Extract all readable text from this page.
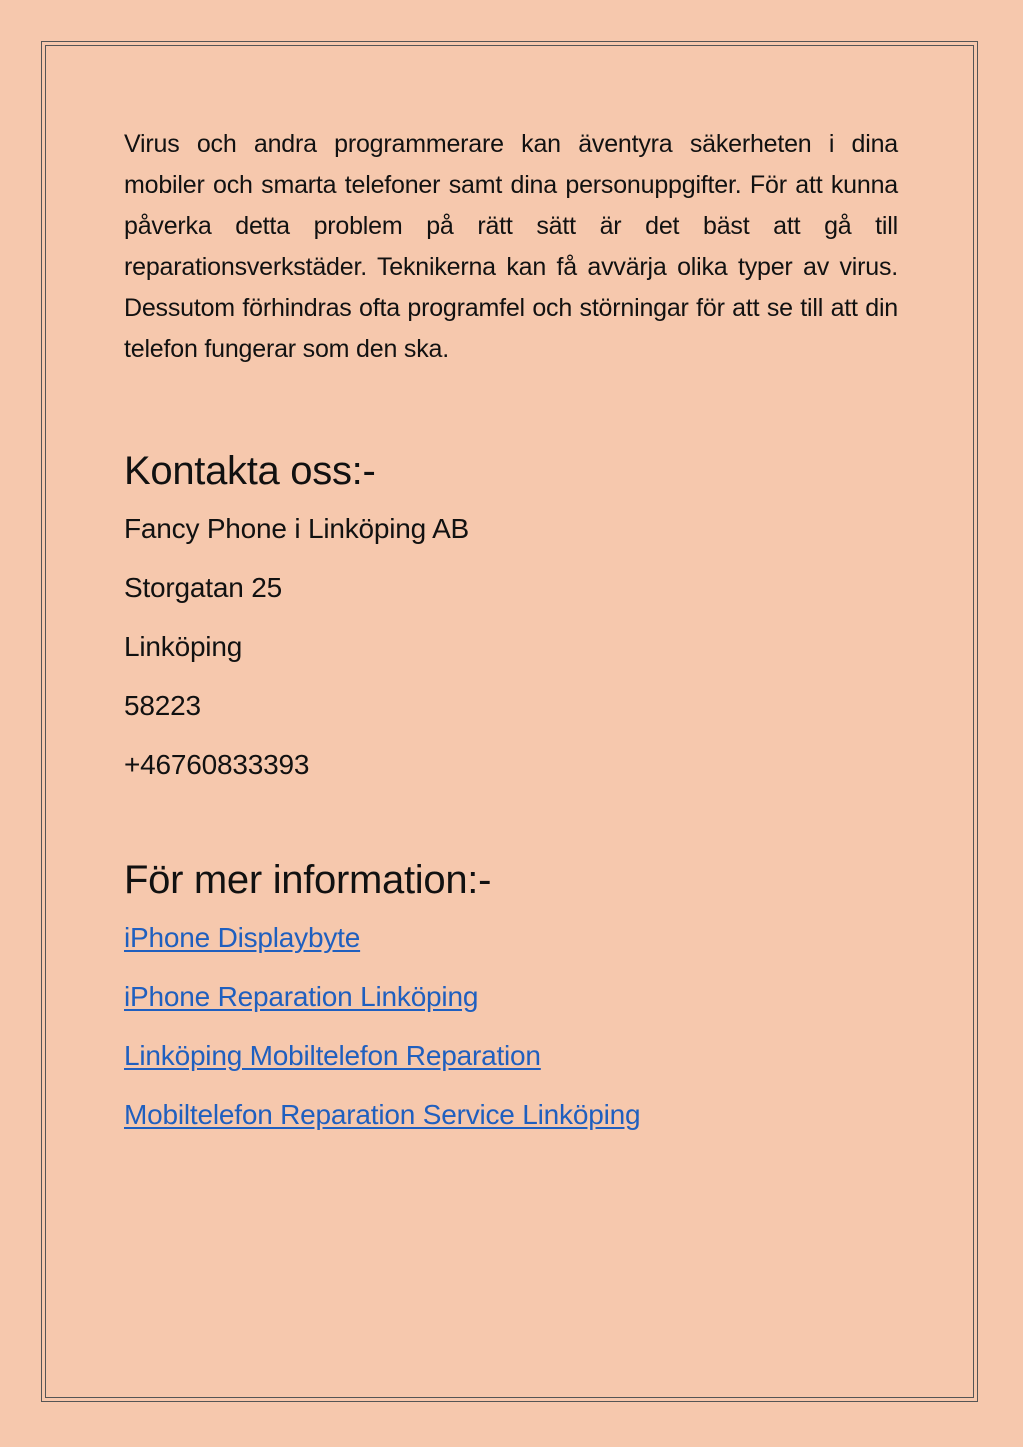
Virus och andra programmerare kan äventyra säkerheten i dina mobiler och smarta telefoner samt dina personuppgifter. För att kunna påverka detta problem på rätt sätt är det bäst att gå till reparationsverkstäder. Teknikerna kan få avvärja olika typer av virus. Dessutom förhindras ofta programfel och störningar för att se till att din telefon fungerar som den ska.

Kontakta oss:-
Fancy Phone i Linköping AB
Storgatan 25
Linköping
58223
+46760833393
För mer information:-
iPhone Displaybyte
iPhone Reparation Linköping
Linköping Mobiltelefon Reparation
Mobiltelefon Reparation Service Linköping
